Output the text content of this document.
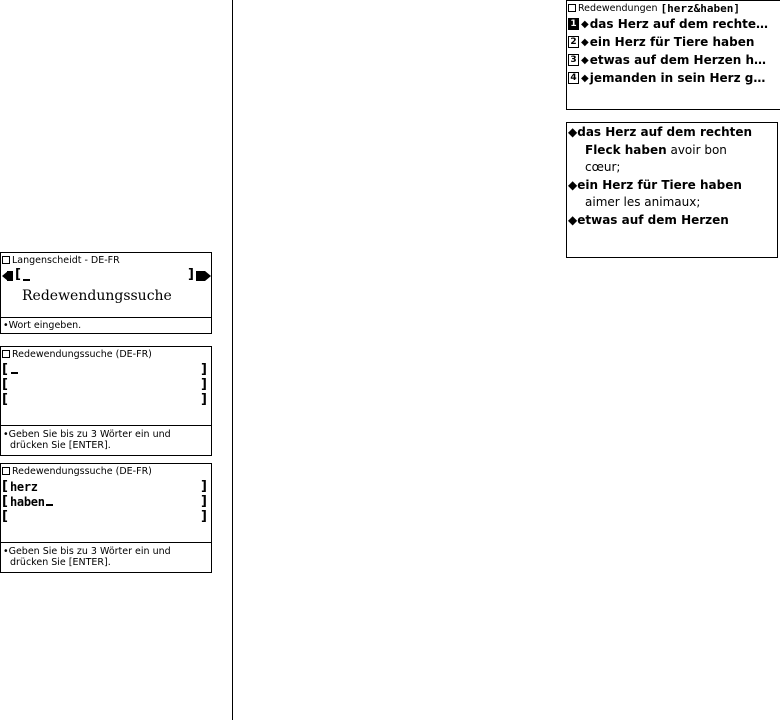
Langenscheidt - DE-FR
[	]
Redewendungssuche
•Wort eingeben.
Redewendungssuche (DE-FR)
[	]
[	]
[	]
•Geben Sie bis zu 3 Wörter ein und
drücken Sie [ENTER].
Redewendungssuche (DE-FR)
[ herz	]
[ haben	]
[	]
•Geben Sie bis zu 3 Wörter ein und
drücken Sie [ENTER].
Redewendungen [herz&haben]
1 ◆ das Herz auf dem rechte…
2 ◆ ein Herz für Tiere haben
3 ◆ etwas auf dem Herzen h…
4 ◆ jemanden in sein Herz g…
◆das Herz auf dem rechten
Fleck haben avoir bon
cœur;
◆ein Herz für Tiere haben
aimer les animaux;
◆etwas auf dem Herzen
